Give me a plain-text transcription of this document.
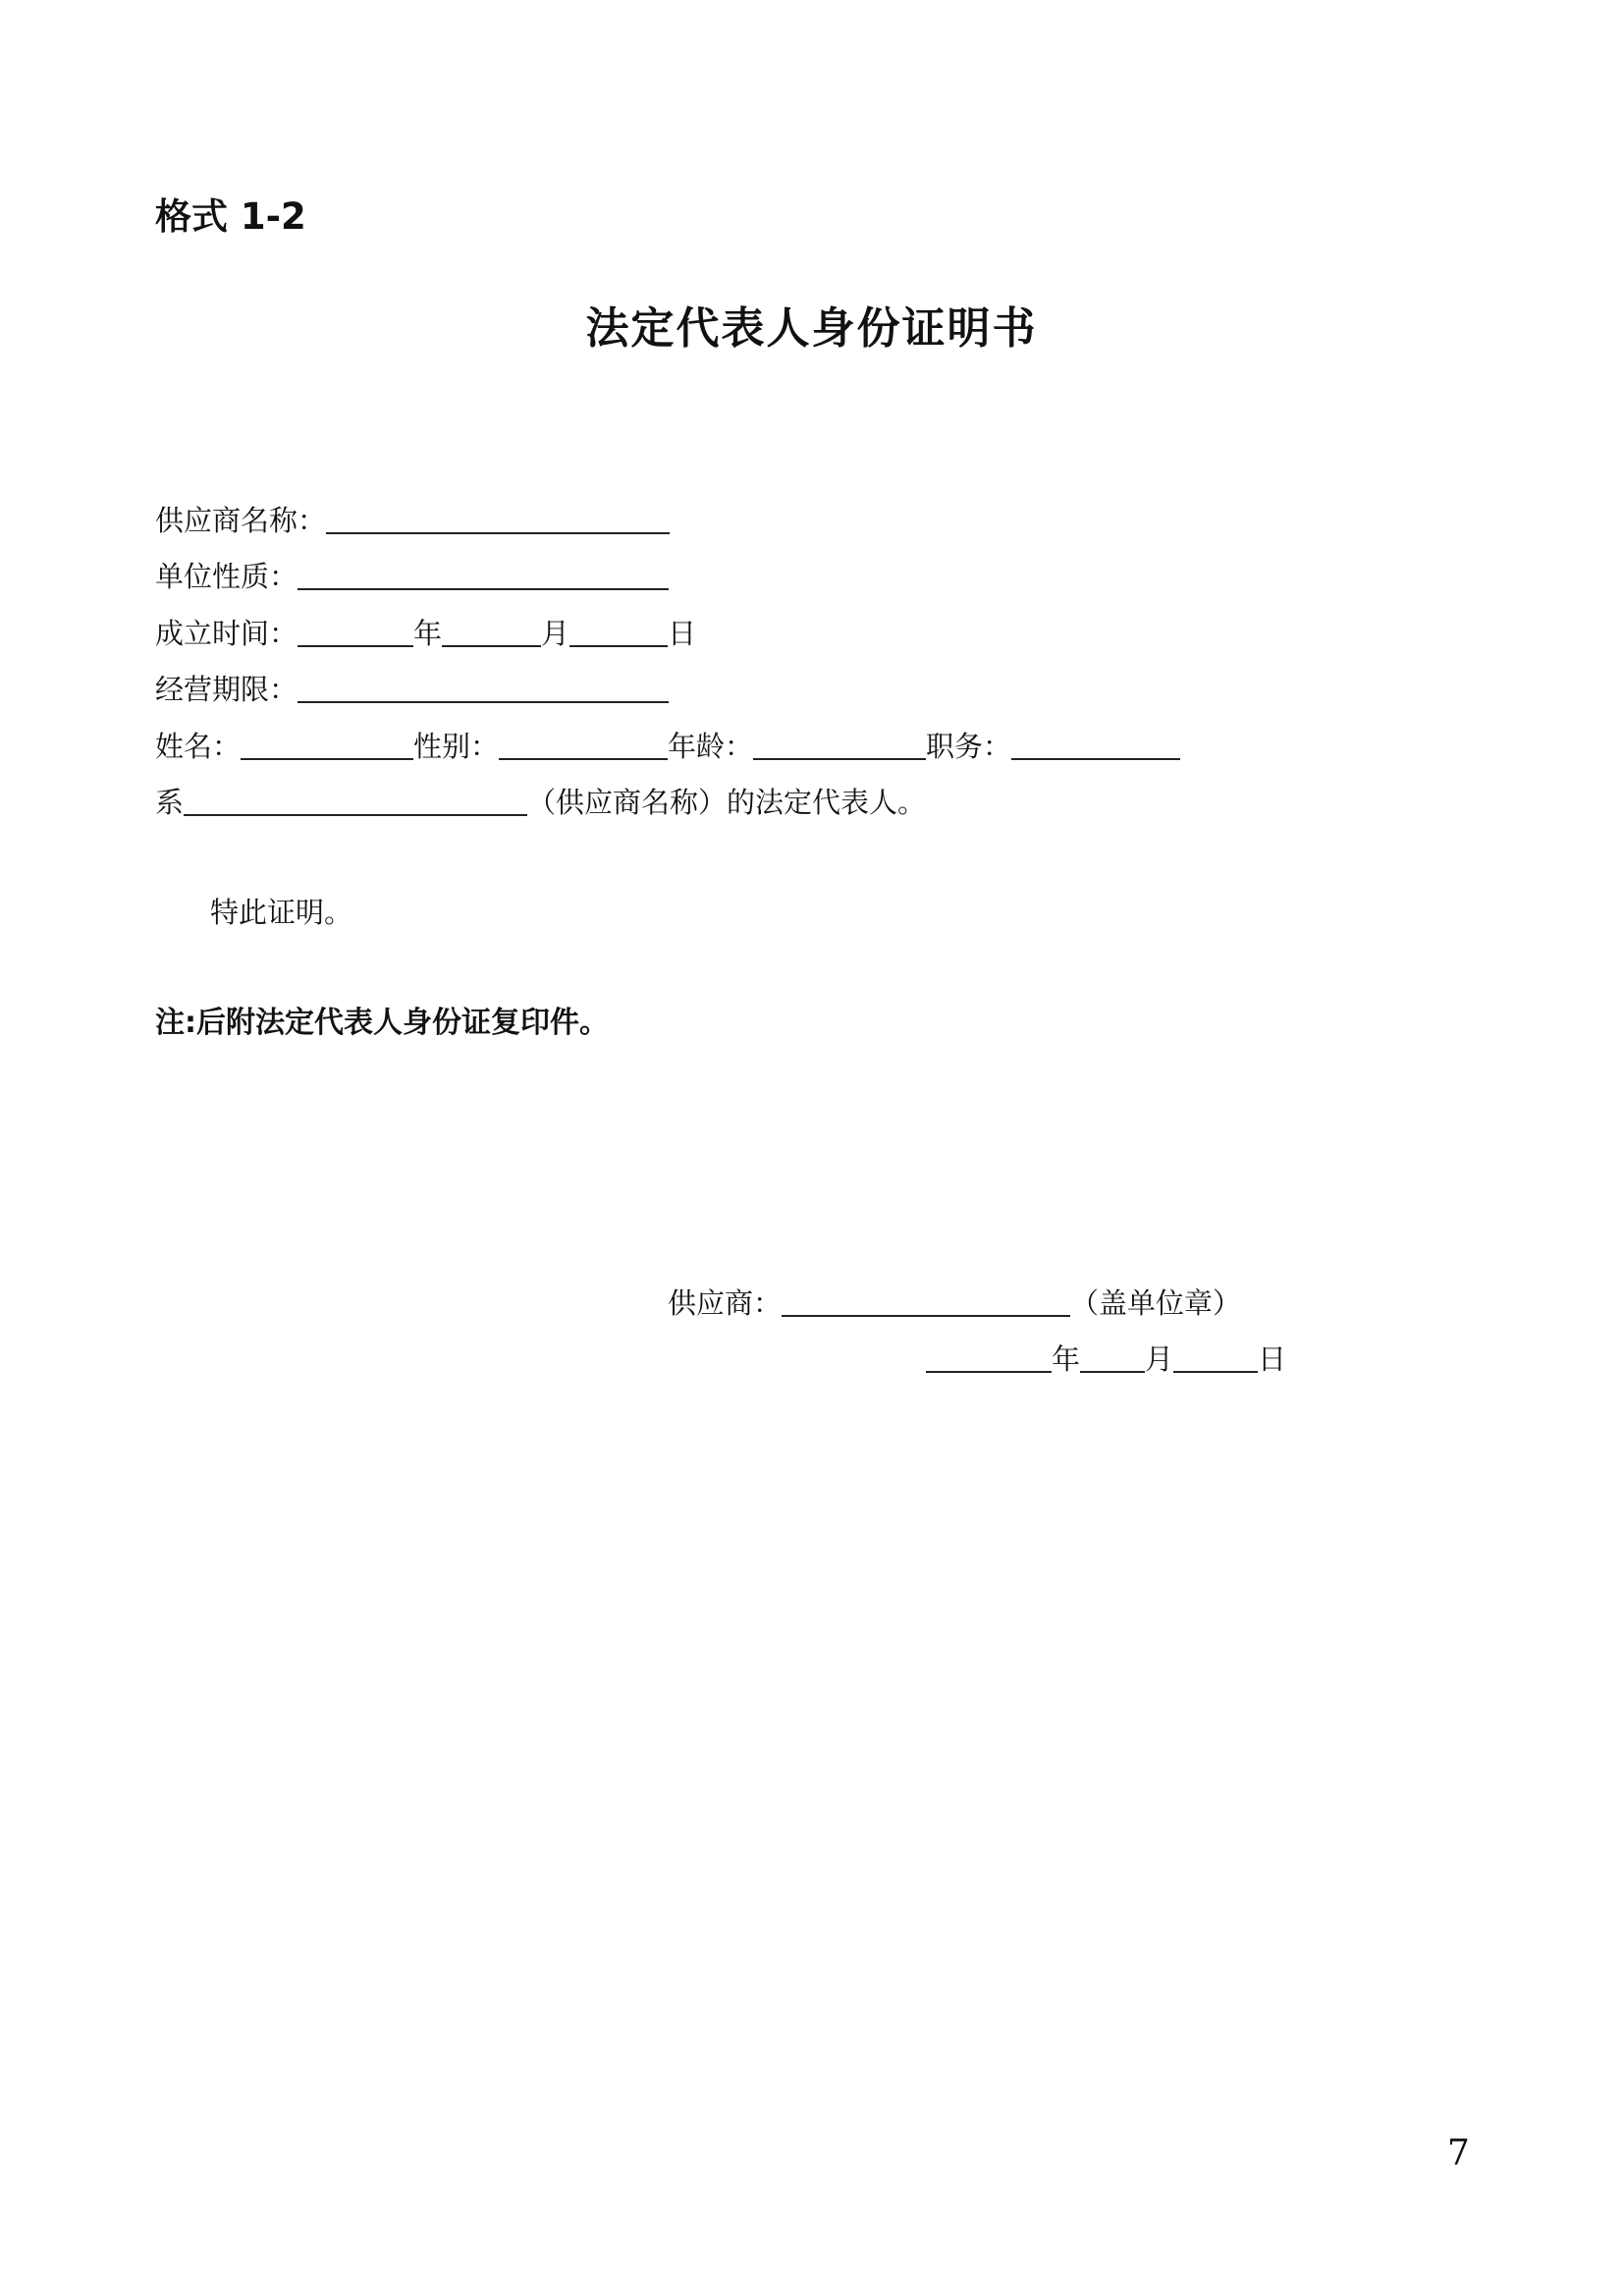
格式 1-2
法定代表人身份证明书
供应商名称：
单位性质：
成立时间：	年	月	日
经营期限：
姓名：	性别：	年龄：	职务：
系	（供应商名称）的法定代表人。
特此证明。
注:后附法定代表人身份证复印件。
供应商：	（盖单位章）
年 月	日
7
